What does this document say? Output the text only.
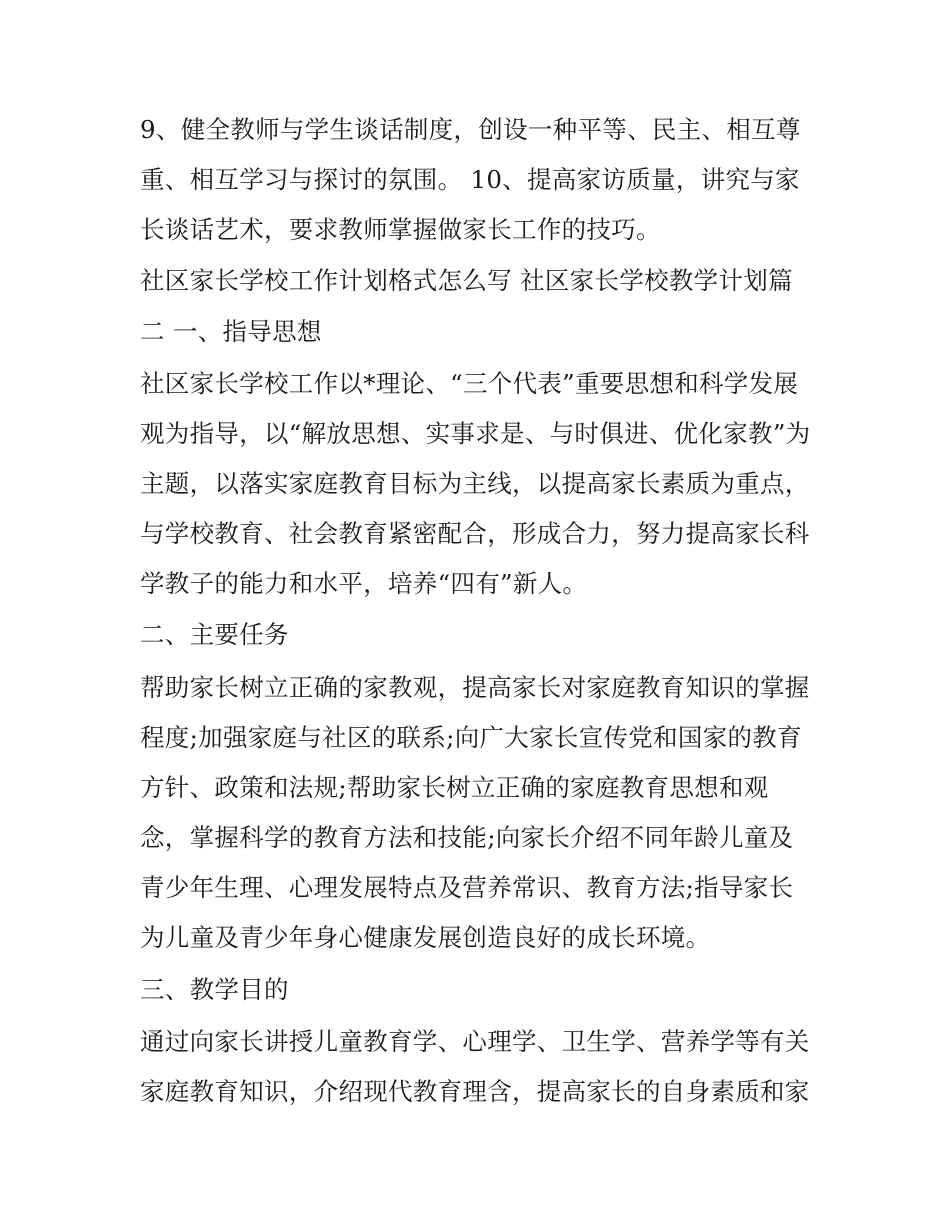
9、健全教师与学生谈话制度，创设一种平等、民主、相互尊
重、相互学习与探讨的氛围。 10、提高家访质量，讲究与家
长谈话艺术，要求教师掌握做家长工作的技巧。
社区家长学校工作计划格式怎么写 社区家长学校教学计划篇
二 一、指导思想
社区家长学校工作以*理论、“三个代表”重要思想和科学发展
观为指导，以“解放思想、实事求是、与时俱进、优化家教”为
主题，以落实家庭教育目标为主线，以提高家长素质为重点，
与学校教育、社会教育紧密配合，形成合力，努力提高家长科
学教子的能力和水平，培养“四有”新人。
二、主要任务
帮助家长树立正确的家教观，提高家长对家庭教育知识的掌握
程度;加强家庭与社区的联系;向广大家长宣传党和国家的教育
方针、政策和法规;帮助家长树立正确的家庭教育思想和观
念，掌握科学的教育方法和技能;向家长介绍不同年龄儿童及
青少年生理、心理发展特点及营养常识、教育方法;指导家长
为儿童及青少年身心健康发展创造良好的成长环境。
三、教学目的
通过向家长讲授儿童教育学、心理学、卫生学、营养学等有关
家庭教育知识，介绍现代教育理含，提高家长的自身素质和家
